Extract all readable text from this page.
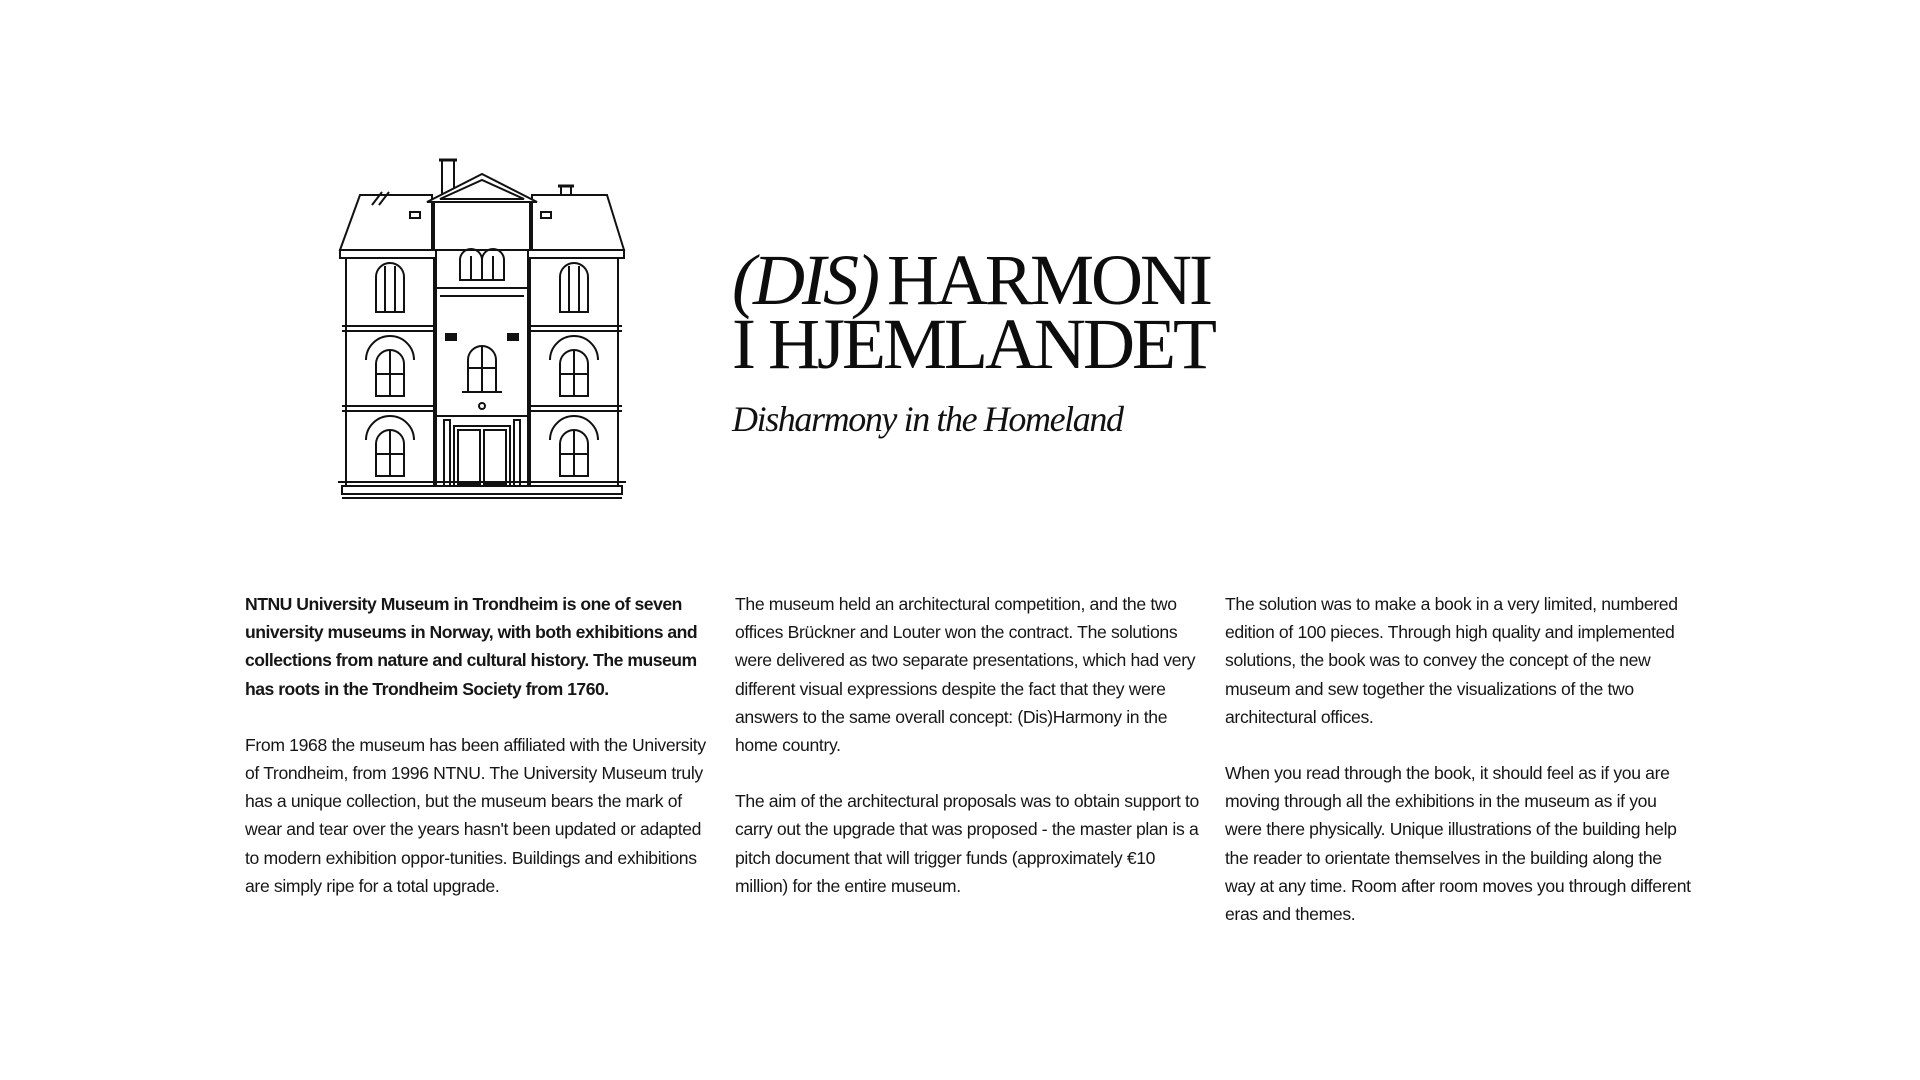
(DIS) HARMONI
I HJEMLANDET
Disharmony in the Homeland

NTNU University Museum in Trondheim is one of seven university museums in Norway, with both exhibitions and collections from nature and cultural history. The museum has roots in the Trondheim Society from 1760.

From 1968 the museum has been affiliated with the University of Trondheim, from 1996 NTNU. The University Museum truly has a unique collection, but the museum bears the mark of wear and tear over the years hasn't been updated or adapted to modern exhibition oppor-tunities. Buildings and exhibitions are simply ripe for a total upgrade.

The museum held an architectural competition, and the two offices Brückner and Louter won the contract. The solutions were delivered as two separate presentations, which had very different visual expressions despite the fact that they were answers to the same overall concept: (Dis)Harmony in the home country.

The aim of the architectural proposals was to obtain support to carry out the upgrade that was proposed - the master plan is a pitch document that will trigger funds (approximately €10 million) for the entire museum.

The solution was to make a book in a very limited, numbered edition of 100 pieces. Through high quality and implemented solutions, the book was to convey the concept of the new museum and sew together the visualizations of the two architectural offices.

When you read through the book, it should feel as if you are moving through all the exhibitions in the museum as if you were there physically. Unique illustrations of the building help the reader to orientate themselves in the building along the way at any time. Room after room moves you through different eras and themes.
